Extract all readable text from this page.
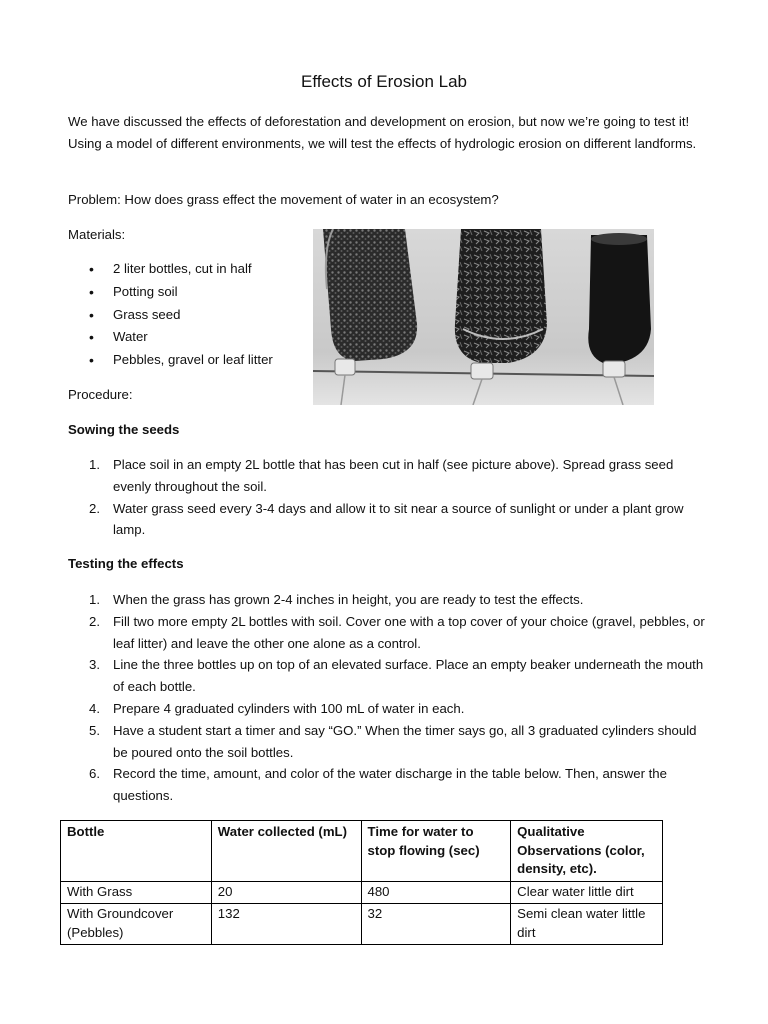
Effects of Erosion Lab
We have discussed the effects of deforestation and development on erosion, but now we’re going to test it! Using a model of different environments, we will test the effects of hydrologic erosion on different landforms.
Problem: How does grass effect the movement of water in an ecosystem?
Materials:
• 2 liter bottles, cut in half
• Potting soil
• Grass seed
• Water
• Pebbles, gravel or leaf litter
Procedure:
Sowing the seeds
1. Place soil in an empty 2L bottle that has been cut in half (see picture above). Spread grass seed evenly throughout the soil.
2. Water grass seed every 3-4 days and allow it to sit near a source of sunlight or under a plant grow lamp.
Testing the effects
1. When the grass has grown 2-4 inches in height, you are ready to test the effects.
2. Fill two more empty 2L bottles with soil. Cover one with a top cover of your choice (gravel, pebbles, or leaf litter) and leave the other one alone as a control.
3. Line the three bottles up on top of an elevated surface. Place an empty beaker underneath the mouth of each bottle.
4. Prepare 4 graduated cylinders with 100 mL of water in each.
5. Have a student start a timer and say “GO.” When the timer says go, all 3 graduated cylinders should be poured onto the soil bottles.
6. Record the time, amount, and color of the water discharge in the table below. Then, answer the questions.
Bottle	Water collected (mL)	Time for water to stop flowing (sec)	Qualitative Observations (color, density, etc).
With Grass	20	480	Clear water little dirt
With Groundcover (Pebbles)	132	32	Semi clean water little dirt
